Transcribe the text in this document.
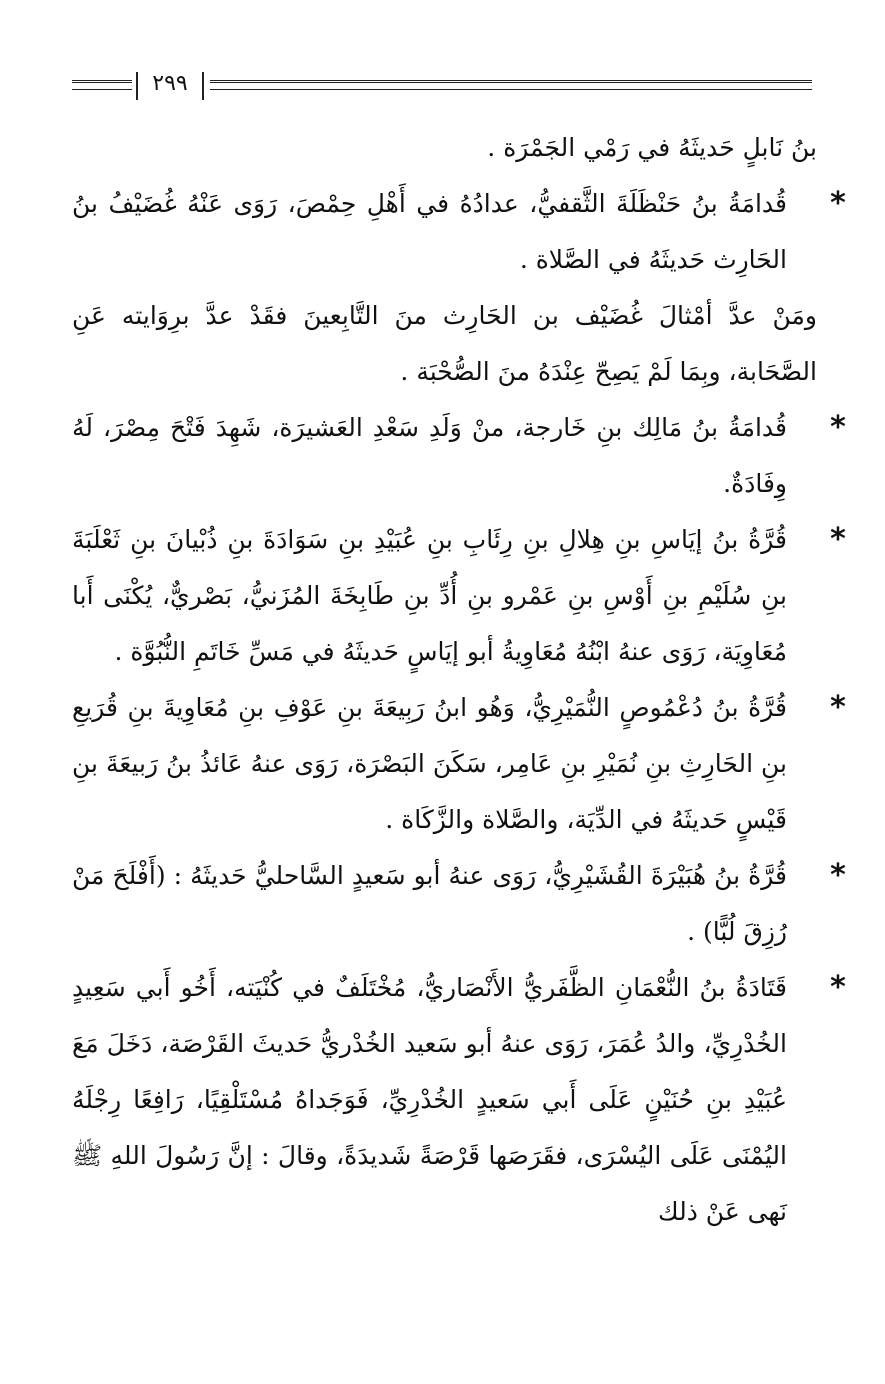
٢٩٩

بنُ نَابلٍ حَديثَهُ في رَمْي الجَمْرَة .

*
قُدامَةُ بنُ حَنْظَلَةَ الثَّقفيُّ، عدادُهُ في أَهْلِ حِمْصَ، رَوَى عَنْهُ غُضَيْفُ بنُ الحَارِث حَديثَهُ في الصَّلاة .

ومَنْ عدَّ أمْثالَ غُضَيْف بن الحَارِث منَ التَّابِعينَ فقَدْ عدَّ برِوَايته عَنِ الصَّحَابة، وبِمَا لَمْ يَصِحّ عِنْدَهُ منَ الصُّحْبَة .

*
قُدامَةُ بنُ مَالِك بنِ خَارجة، منْ وَلَدِ سَعْدِ العَشيرَة، شَهِدَ فَتْحَ مِصْرَ، لَهُ وِفَادَةٌ.

*
قُرَّةُ بنُ إيَاسِ بنِ هِلالِ بنِ رِئَابِ بنِ عُبَيْدِ بنِ سَوَادَةَ بنِ ذُبْيانَ بنِ ثَعْلَبَةَ بنِ سُلَيْمِ بنِ أَوْسِ بنِ عَمْرو بنِ أُدِّ بنِ طَابِخَةَ المُزَنيُّ، بَصْريٌّ، يُكْنَى أَبا مُعَاوِيَة، رَوَى عنهُ ابْنُهُ مُعَاوِيةُ أبو إيَاسٍ حَديثَهُ في مَسِّ خَاتَمِ النُّبُوَّة .

*
قُرَّةُ بنُ دُعْمُوصٍ النُّمَيْرِيُّ، وَهُو ابنُ رَبِيعَةَ بنِ عَوْفِ بنِ مُعَاوِيةَ بنِ قُرَيعِ بنِ الحَارِثِ بنِ نُمَيْرِ بنِ عَامِر، سَكَنَ البَصْرَة، رَوَى عنهُ عَائذُ بنُ رَبيعَةَ بنِ قَيْسٍ حَديثَهُ في الدِّيَة، والصَّلاة والزَّكَاة .

*
قُرَّةُ بنُ هُبَيْرَةَ القُشَيْرِيُّ، رَوَى عنهُ أبو سَعيدٍ السَّاحليُّ حَديثَهُ : (أَفْلَحَ مَنْ رُزِقَ لُبًّا) .

*
قَتَادَةُ بنُ النُّعْمَانِ الظَّفَريُّ الأَنْصَاريُّ، مُخْتَلَفٌ في كُنْيَته، أَخُو أَبي سَعِيدٍ الخُدْرِيِّ، والدُ عُمَرَ، رَوَى عنهُ أبو سَعيد الخُدْريُّ حَديثَ القَرْصَة، دَخَلَ مَعَ عُبَيْدِ بنِ حُنَيْنٍ عَلَى أَبي سَعيدٍ الخُدْرِيِّ، فَوَجَداهُ مُسْتَلْقِيًا، رَافِعًا رِجْلَهُ اليُمْنَى عَلَى اليُسْرَى، فقَرَصَها قَرْصَةً شَديدَةً، وقالَ : إنَّ رَسُولَ اللهِ ﷺ نَهى عَنْ ذلك
